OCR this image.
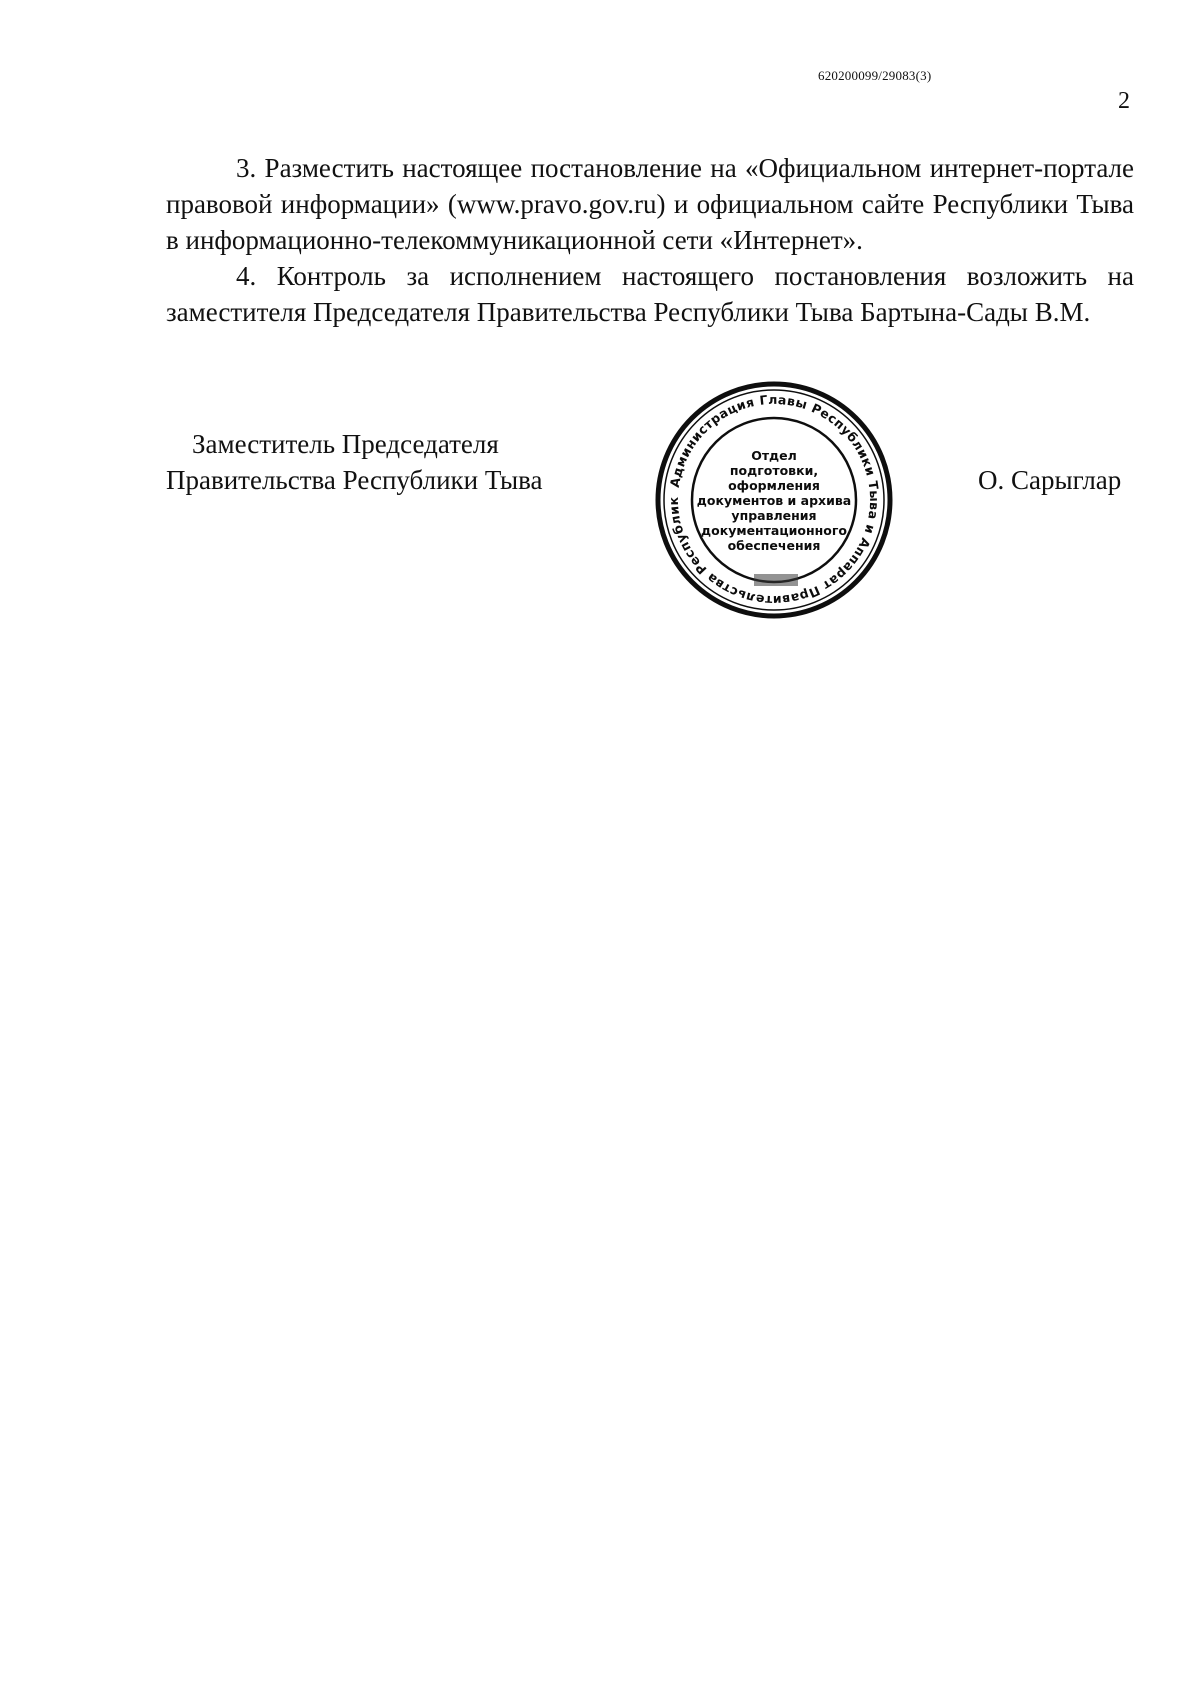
620200099/29083(3)
2

3. Разместить настоящее постановление на «Официальном интернет-портале правовой информации» (www.pravo.gov.ru) и официальном сайте Республики Тыва в информационно-телекоммуникационной сети «Интернет».

4. Контроль за исполнением настоящего постановления возложить на заместителя Председателя Правительства Республики Тыва Бартына-Сады В.М.

Заместитель Председателя
Правительства Республики Тыва	Администрация Главы Республики Тыва и Аппарат Правительства Республик
Отдел
подготовки,
оформления
документов и архива
управления
документационного
обеспечения
О. Сарыглар
